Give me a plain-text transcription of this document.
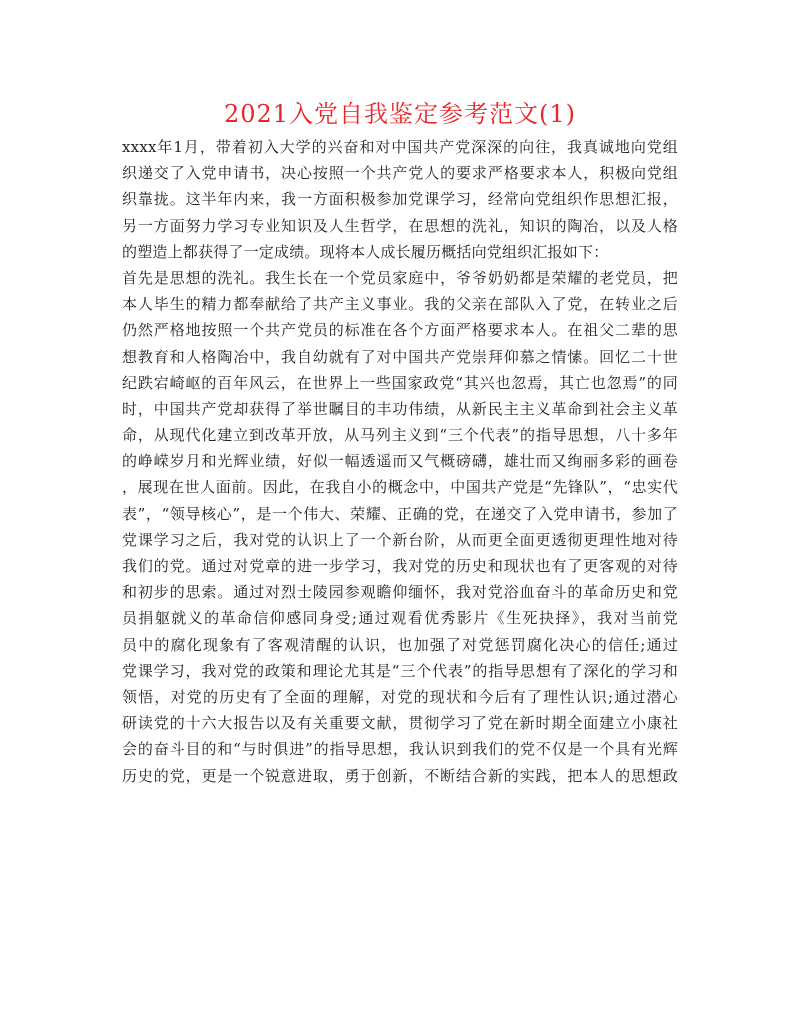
2021入党自我鉴定参考范文(1)
xxxx年1月，带着初入大学的兴奋和对中国共产党深深的向往，我真诚地向党组
织递交了入党申请书，决心按照一个共产党人的要求严格要求本人，积极向党组
织靠拢。这半年内来，我一方面积极参加党课学习，经常向党组织作思想汇报，
另一方面努力学习专业知识及人生哲学，在思想的洗礼，知识的陶冶，以及人格
的塑造上都获得了一定成绩。现将本人成长履历概括向党组织汇报如下：
首先是思想的洗礼。我生长在一个党员家庭中，爷爷奶奶都是荣耀的老党员，把
本人毕生的精力都奉献给了共产主义事业。我的父亲在部队入了党，在转业之后
仍然严格地按照一个共产党员的标准在各个方面严格要求本人。在祖父二辈的思
想教育和人格陶冶中，我自幼就有了对中国共产党崇拜仰慕之情愫。回忆二十世
纪跌宕崎岖的百年风云，在世界上一些国家政党“其兴也忽焉，其亡也忽焉”的同
时，中国共产党却获得了举世瞩目的丰功伟绩，从新民主主义革命到社会主义革
命，从现代化建立到改革开放，从马列主义到“三个代表”的指导思想，八十多年
的峥嵘岁月和光辉业绩，好似一幅透遥而又气概磅礴，雄壮而又绚丽多彩的画卷
，展现在世人面前。因此，在我自小的概念中，中国共产党是“先锋队”，“忠实代
表”，“领导核心”，是一个伟大、荣耀、正确的党，在递交了入党申请书，参加了
党课学习之后，我对党的认识上了一个新台阶，从而更全面更透彻更理性地对待
我们的党。通过对党章的进一步学习，我对党的历史和现状也有了更客观的对待
和初步的思索。通过对烈士陵园参观瞻仰缅怀，我对党浴血奋斗的革命历史和党
员捐躯就义的革命信仰感同身受;通过观看优秀影片《生死抉择》，我对当前党
员中的腐化现象有了客观清醒的认识，也加强了对党惩罚腐化决心的信任;通过
党课学习，我对党的政策和理论尤其是“三个代表”的指导思想有了深化的学习和
领悟，对党的历史有了全面的理解，对党的现状和今后有了理性认识;通过潜心
研读党的十六大报告以及有关重要文献，贯彻学习了党在新时期全面建立小康社
会的奋斗目的和“与时俱进”的指导思想，我认识到我们的党不仅是一个具有光辉
历史的党，更是一个锐意进取，勇于创新，不断结合新的实践，把本人的思想政
